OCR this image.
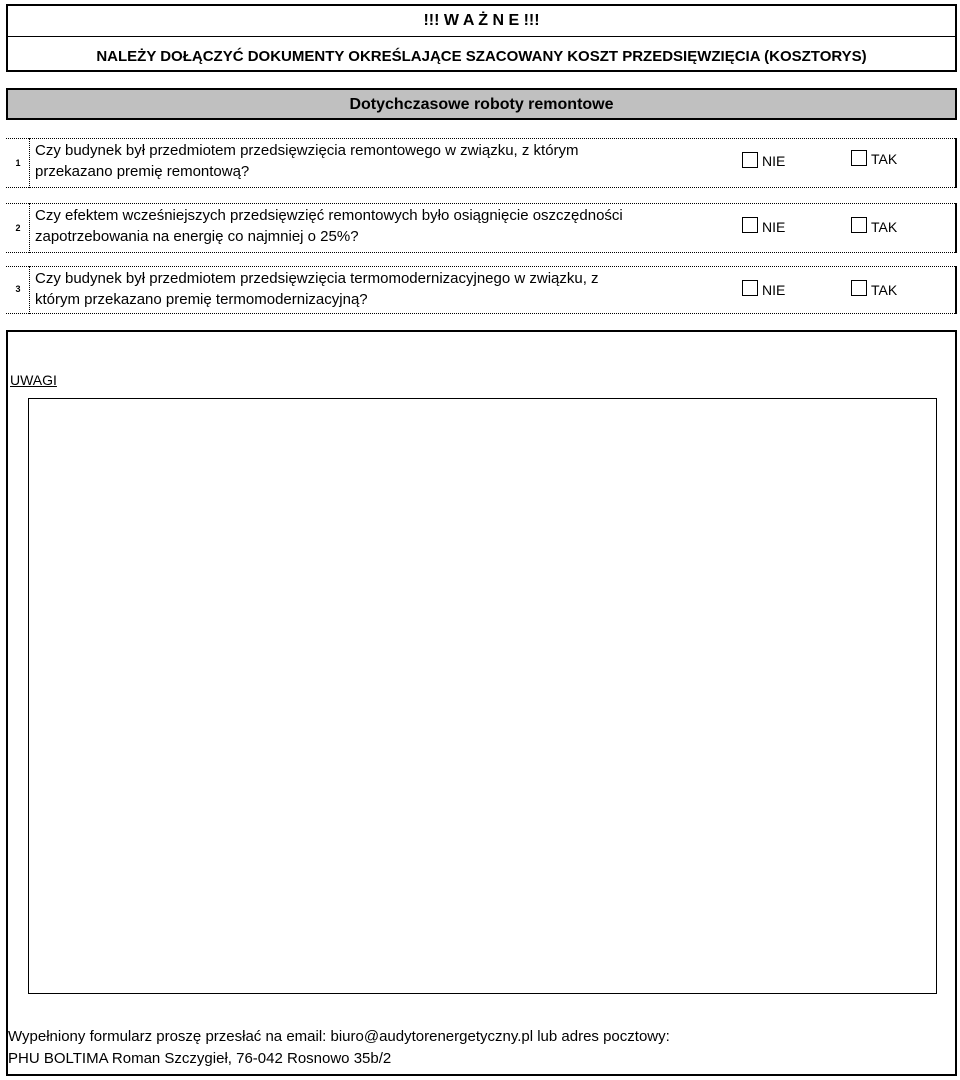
!!! W A Ż N E !!!
NALEŻY DOŁĄCZYĆ DOKUMENTY OKREŚLAJĄCE SZACOWANY KOSZT PRZEDSIĘWZIĘCIA (KOSZTORYS)
Dotychczasowe roboty remontowe
1
Czy budynek był przedmiotem przedsięwzięcia remontowego w związku, z którym
przekazano premię remontową?
NIE	TAK
2
Czy efektem wcześniejszych przedsięwzięć remontowych było osiągnięcie oszczędności
zapotrzebowania na energię co najmniej o 25%?
NIE	TAK
3
Czy budynek był przedmiotem przedsięwzięcia termomodernizacyjnego w związku, z
którym przekazano premię termomodernizacyjną?
NIE	TAK
UWAGI
Wypełniony formularz proszę przesłać na email: biuro@audytorenergetyczny.pl lub adres pocztowy:
PHU BOLTIMA Roman Szczygieł, 76-042 Rosnowo 35b/2
